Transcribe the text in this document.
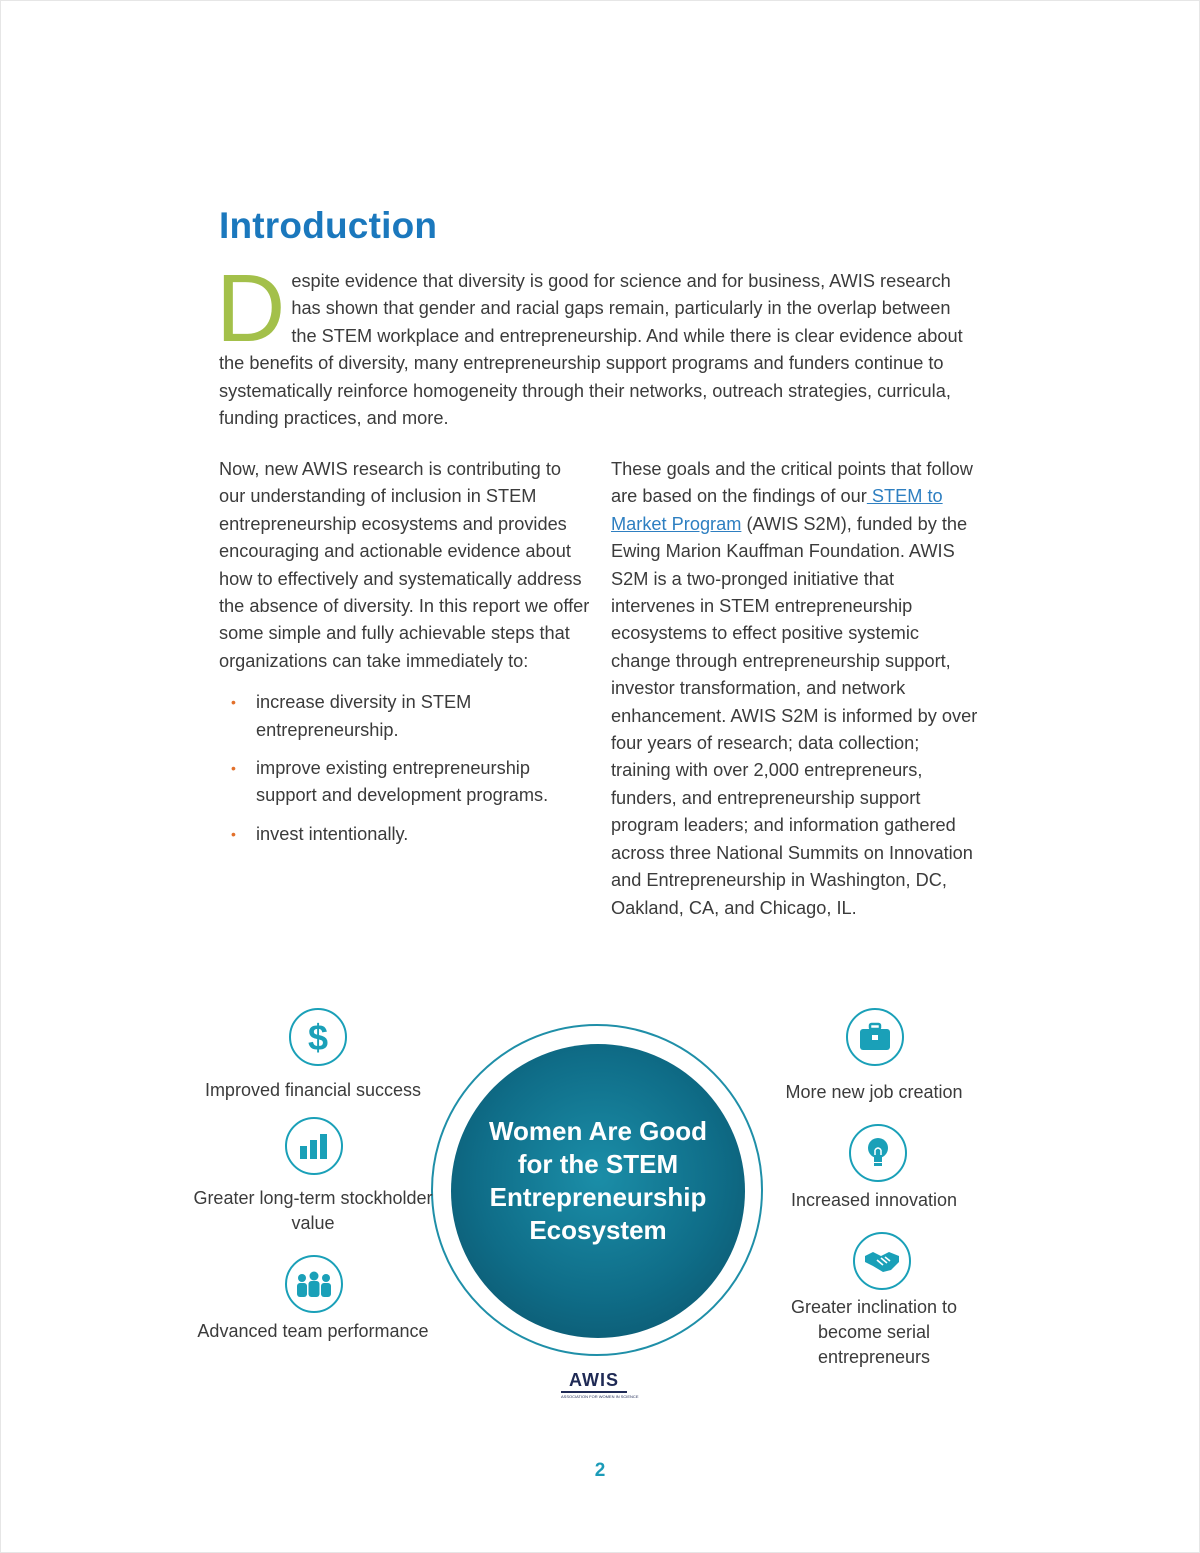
Introduction

Despite evidence that diversity is good for science and for business, AWIS research has shown that gender and racial gaps remain, particularly in the overlap between the STEM workplace and entrepreneurship. And while there is clear evidence about the benefits of diversity, many entrepreneurship support programs and funders continue to systematically reinforce homogeneity through their networks, outreach strategies, curricula, funding practices, and more.

Now, new AWIS research is contributing to our understanding of inclusion in STEM entrepreneurship ecosystems and provides encouraging and actionable evidence about how to effectively and systematically address the absence of diversity. In this report we offer some simple and fully achievable steps that organizations can take immediately to:

• increase diversity in STEM entrepreneurship.
• improve existing entrepreneurship support and development programs.
• invest intentionally.

These goals and the critical points that follow are based on the findings of our STEM to Market Program (AWIS S2M), funded by the Ewing Marion Kauffman Foundation. AWIS S2M is a two-pronged initiative that intervenes in STEM entrepreneurship ecosystems to effect positive systemic change through entrepreneurship support, investor transformation, and network enhancement. AWIS S2M is informed by over four years of research; data collection; training with over 2,000 entrepreneurs, funders, and entrepreneurship support program leaders; and information gathered across three National Summits on Innovation and Entrepreneurship in Washington, DC, Oakland, CA, and Chicago, IL.

Women Are Good for the STEM Entrepreneurship Ecosystem
$
Improved financial success
Greater long-term stockholder value
Advanced team performance
More new job creation
Increased innovation
Greater inclination to become serial entrepreneurs
AWIS
ASSOCIATION FOR WOMEN IN SCIENCE
2
